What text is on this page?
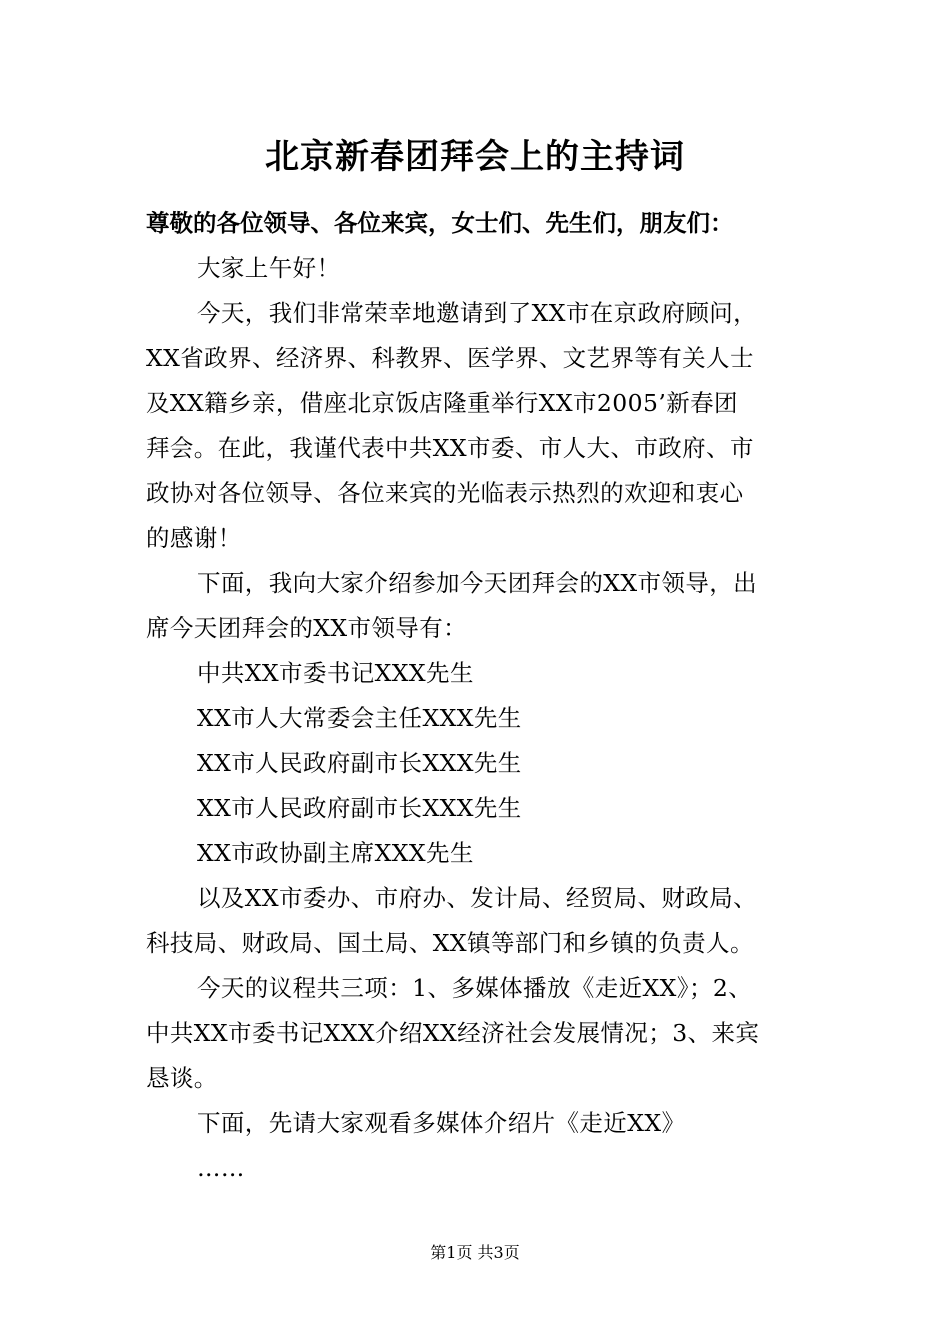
北京新春团拜会上的主持词
尊敬的各位领导、各位来宾，女士们、先生们，朋友们：
大家上午好！
今天，我们非常荣幸地邀请到了XX市在京政府顾问，
XX省政界、经济界、科教界、医学界、文艺界等有关人士
及XX籍乡亲，借座北京饭店隆重举行XX市2005’新春团
拜会。在此，我谨代表中共XX市委、市人大、市政府、市
政协对各位领导、各位来宾的光临表示热烈的欢迎和衷心
的感谢！
下面，我向大家介绍参加今天团拜会的XX市领导，出
席今天团拜会的XX市领导有：
中共XX市委书记XXX先生
XX市人大常委会主任XXX先生
XX市人民政府副市长XXX先生
XX市人民政府副市长XXX先生
XX市政协副主席XXX先生
以及XX市委办、市府办、发计局、经贸局、财政局、
科技局、财政局、国土局、XX镇等部门和乡镇的负责人。
今天的议程共三项：1、多媒体播放《走近XX》；2、
中共XX市委书记XXX介绍XX经济社会发展情况；3、来宾
恳谈。
下面，先请大家观看多媒体介绍片《走近XX》
……
第1页 共3页
